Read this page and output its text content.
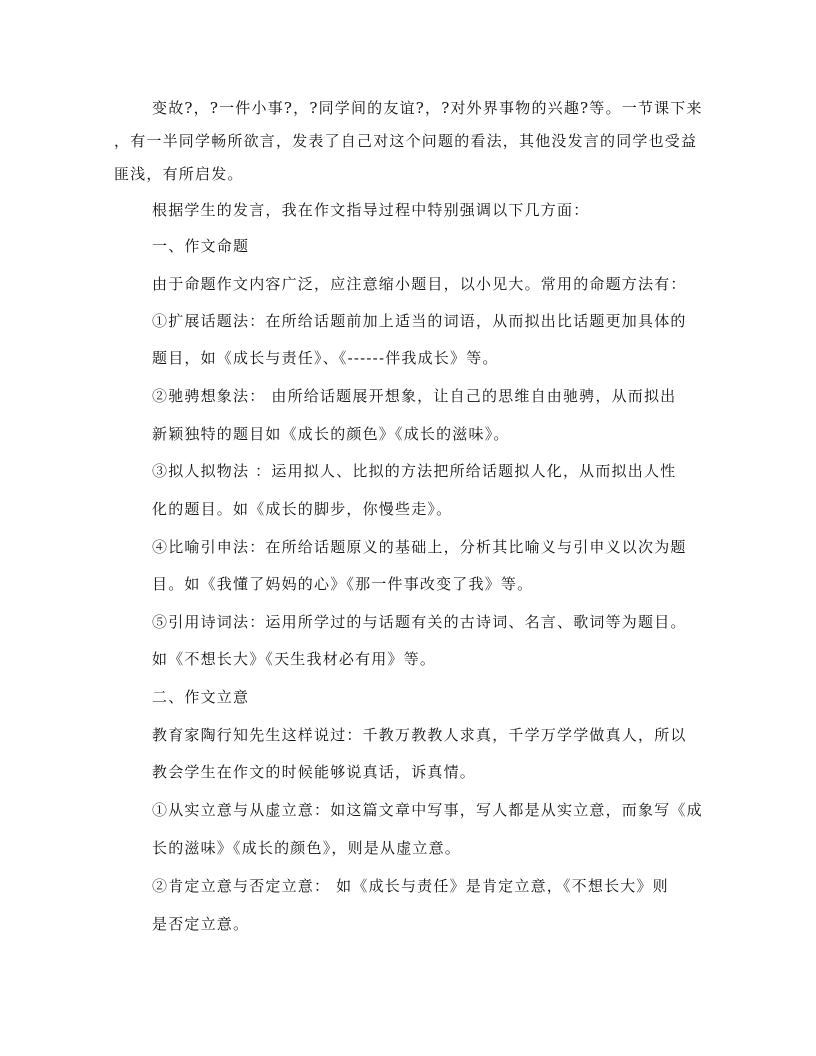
变故?，?一件小事?，?同学间的友谊?，?对外界事物的兴趣?等。一节课下来
，有一半同学畅所欲言，发表了自己对这个问题的看法，其他没发言的同学也受益
匪浅，有所启发。
根据学生的发言，我在作文指导过程中特别强调以下几方面：
一、作文命题
由于命题作文内容广泛，应注意缩小题目，以小见大。常用的命题方法有：
①扩展话题法：在所给话题前加上适当的词语，从而拟出比话题更加具体的
题目，如《成长与责任》、《------伴我成长》等。
②驰骋想象法： 由所给话题展开想象，让自己的思维自由驰骋，从而拟出
新颖独特的题目如《成长的颜色》《成长的滋味》。
③拟人拟物法 ：运用拟人、比拟的方法把所给话题拟人化，从而拟出人性
化的题目。如《成长的脚步，你慢些走》。
④比喻引申法：在所给话题原义的基础上，分析其比喻义与引申义以次为题
目。如《我懂了妈妈的心》《那一件事改变了我》等。
⑤引用诗词法：运用所学过的与话题有关的古诗词、名言、歌词等为题目。
如《不想长大》《天生我材必有用》等。
二、作文立意
教育家陶行知先生这样说过：千教万教教人求真，千学万学学做真人，所以
教会学生在作文的时候能够说真话，诉真情。
①从实立意与从虚立意：如这篇文章中写事，写人都是从实立意，而象写《成
长的滋味》《成长的颜色》，则是从虚立意。
②肯定立意与否定立意： 如《成长与责任》是肯定立意，《不想长大》则
是否定立意。
